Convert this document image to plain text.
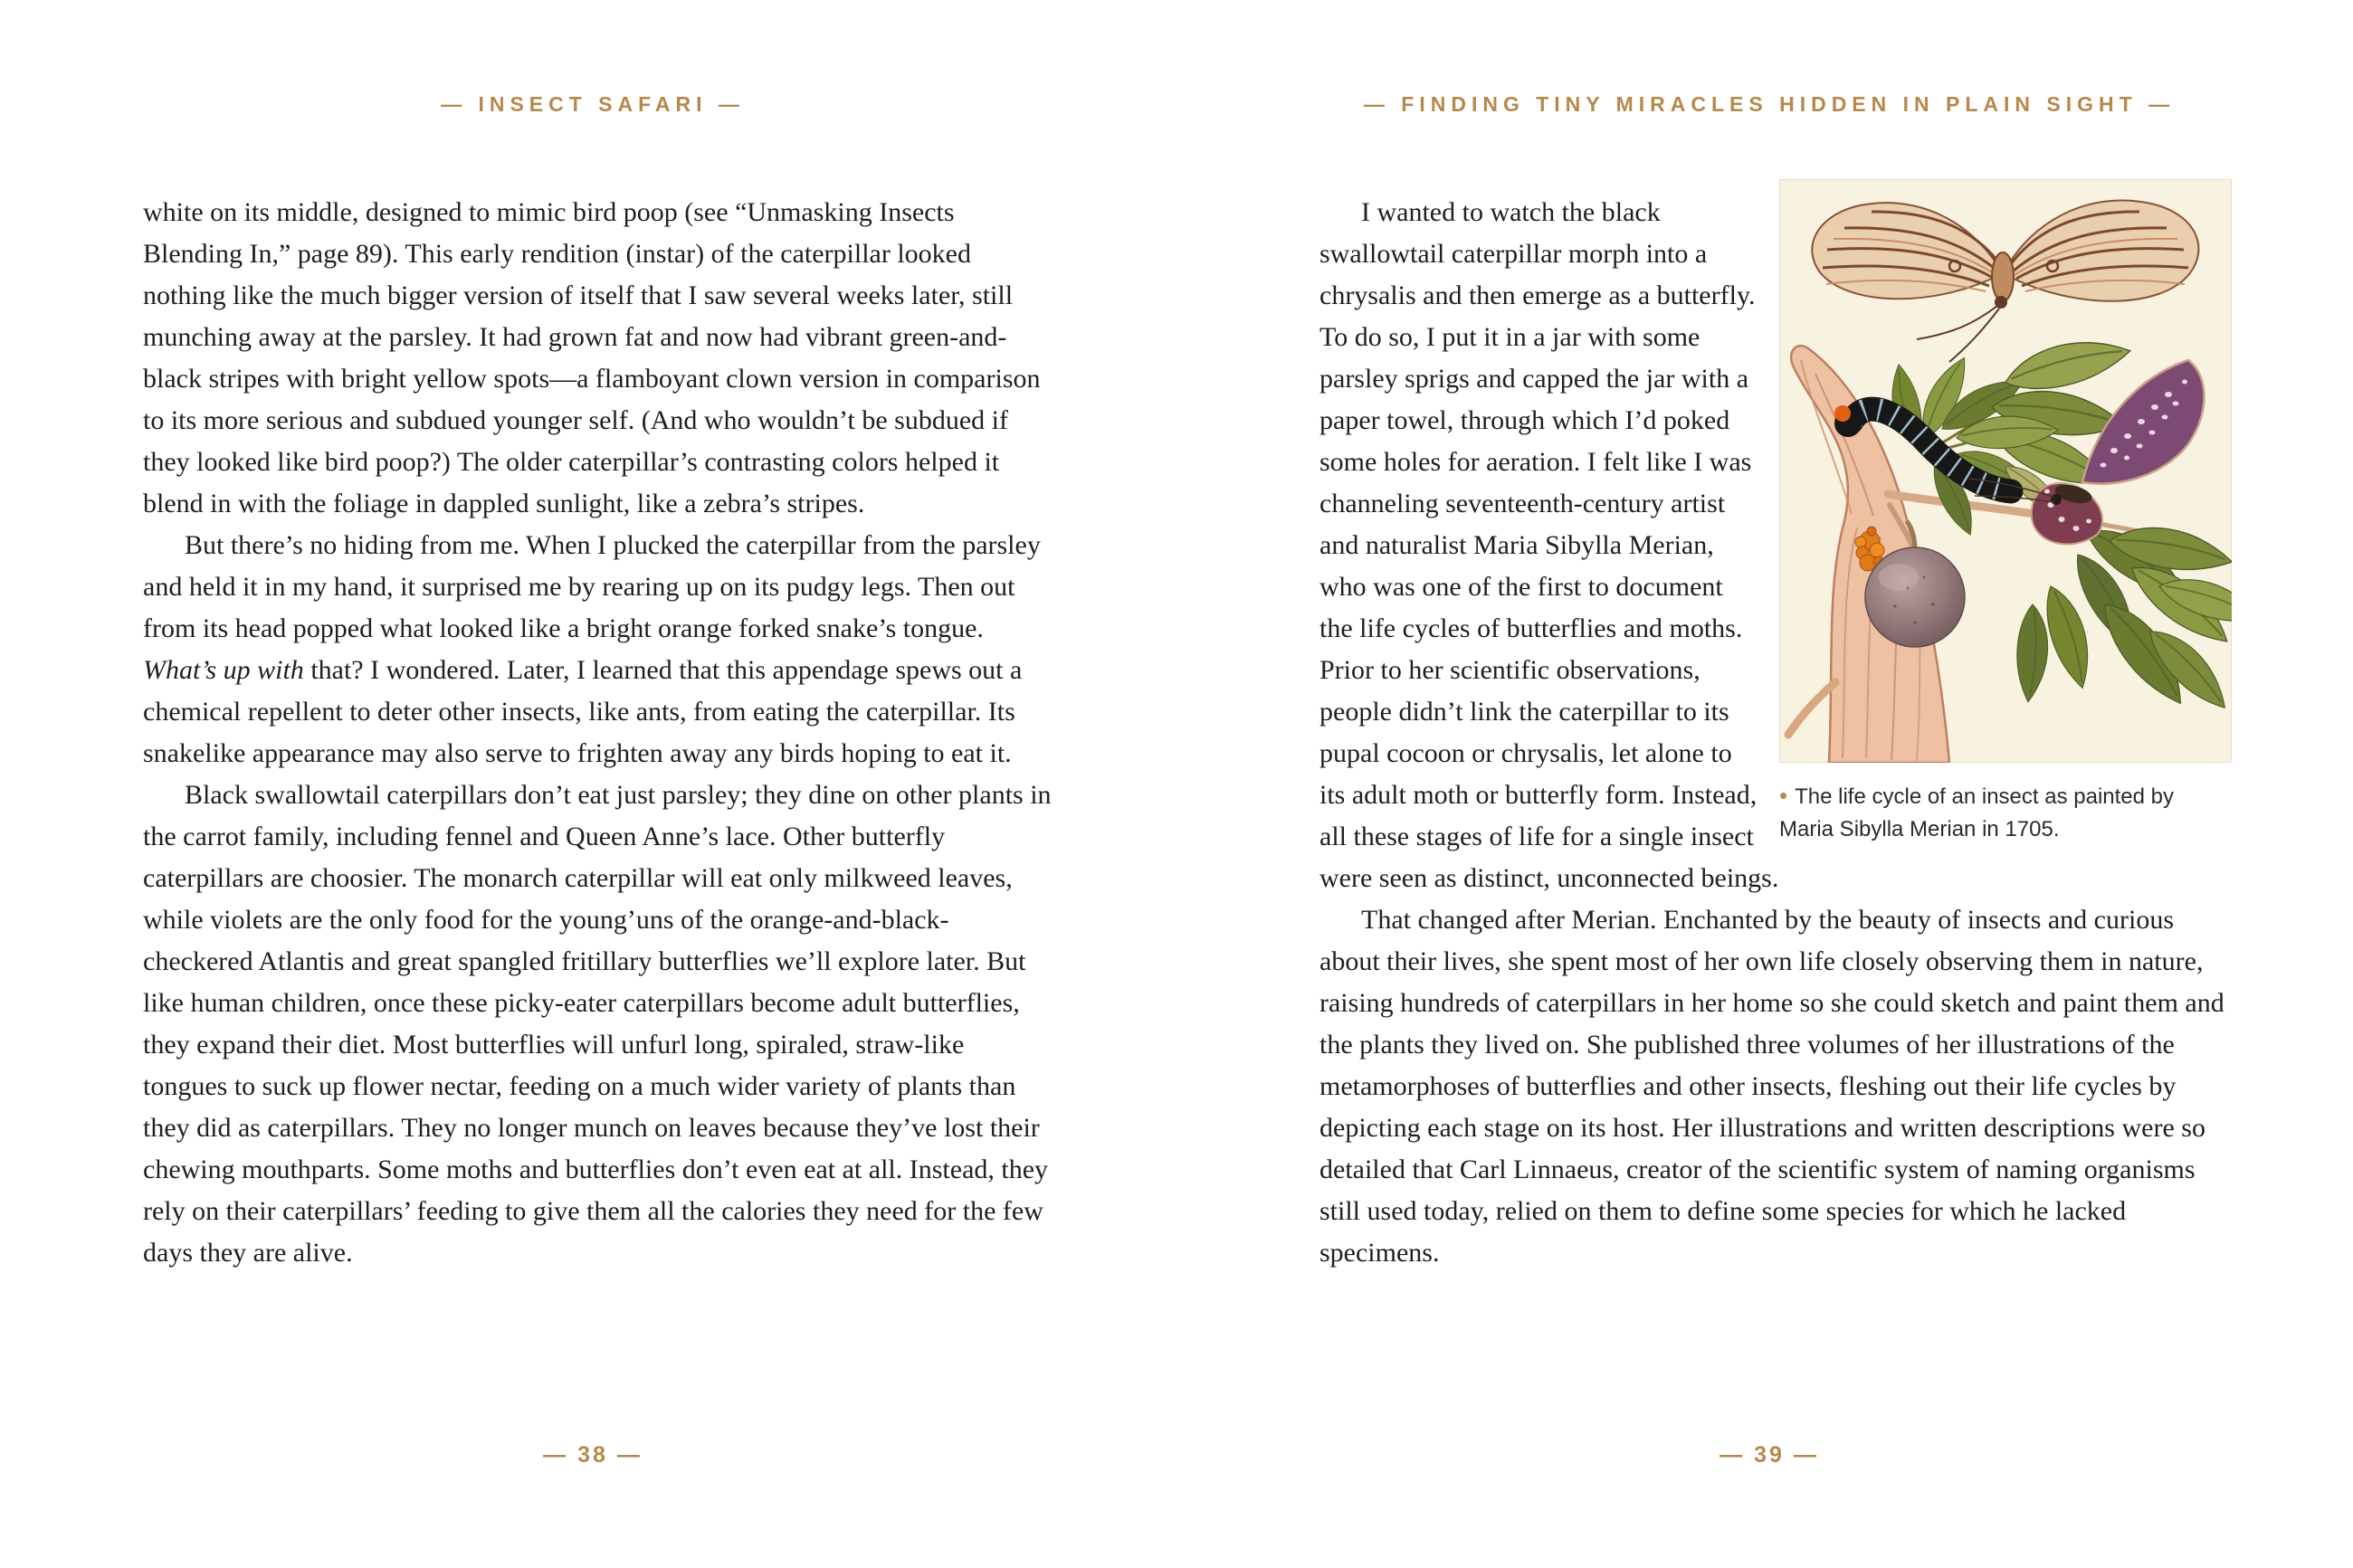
— INSECT SAFARI —

white on its middle, designed to mimic bird poop (see “Unmasking Insects Blending In,” page 89). This early rendition (instar) of the caterpillar looked nothing like the much bigger version of itself that I saw several weeks later, still munching away at the parsley. It had grown fat and now had vibrant green-and-black stripes with bright yellow spots—a flamboyant clown version in comparison to its more serious and subdued younger self. (And who wouldn’t be subdued if they looked like bird poop?) The older caterpillar’s contrasting colors helped it blend in with the foliage in dappled sunlight, like a zebra’s stripes.

But there’s no hiding from me. When I plucked the caterpillar from the parsley and held it in my hand, it surprised me by rearing up on its pudgy legs. Then out from its head popped what looked like a bright orange forked snake’s tongue. What’s up with that? I wondered. Later, I learned that this appendage spews out a chemical repellent to deter other insects, like ants, from eating the caterpillar. Its snakelike appearance may also serve to frighten away any birds hoping to eat it.

Black swallowtail caterpillars don’t eat just parsley; they dine on other plants in the carrot family, including fennel and Queen Anne’s lace. Other butterfly caterpillars are choosier. The monarch caterpillar will eat only milkweed leaves, while violets are the only food for the young’uns of the orange-and-black-checkered Atlantis and great spangled fritillary butterflies we’ll explore later. But like human children, once these picky-eater caterpillars become adult butterflies, they expand their diet. Most butterflies will unfurl long, spiraled, straw-like tongues to suck up flower nectar, feeding on a much wider variety of plants than they did as caterpillars. They no longer munch on leaves because they’ve lost their chewing mouthparts. Some moths and butterflies don’t even eat at all. Instead, they rely on their caterpillars’ feeding to give them all the calories they need for the few days they are alive.

— 38 —
— FINDING TINY MIRACLES HIDDEN IN PLAIN SIGHT —
• The life cycle of an insect as painted by Maria Sibylla Merian in 1705.

I wanted to watch the black swallowtail caterpillar morph into a chrysalis and then emerge as a butterfly. To do so, I put it in a jar with some parsley sprigs and capped the jar with a paper towel, through which I’d poked some holes for aeration. I felt like I was channeling seventeenth-century artist and naturalist Maria Sibylla Merian, who was one of the first to document the life cycles of butterflies and moths. Prior to her scientific observations, people didn’t link the caterpillar to its pupal cocoon or chrysalis, let alone to its adult moth or butterfly form. Instead, all these stages of life for a single insect were seen as distinct, unconnected beings.

That changed after Merian. Enchanted by the beauty of insects and curious about their lives, she spent most of her own life closely observing them in nature, raising hundreds of caterpillars in her home so she could sketch and paint them and the plants they lived on. She published three volumes of her illustrations of the metamorphoses of butterflies and other insects, fleshing out their life cycles by depicting each stage on its host. Her illustrations and written descriptions were so detailed that Carl Linnaeus, creator of the scientific system of naming organisms still used today, relied on them to define some species for which he lacked specimens.

— 39 —
